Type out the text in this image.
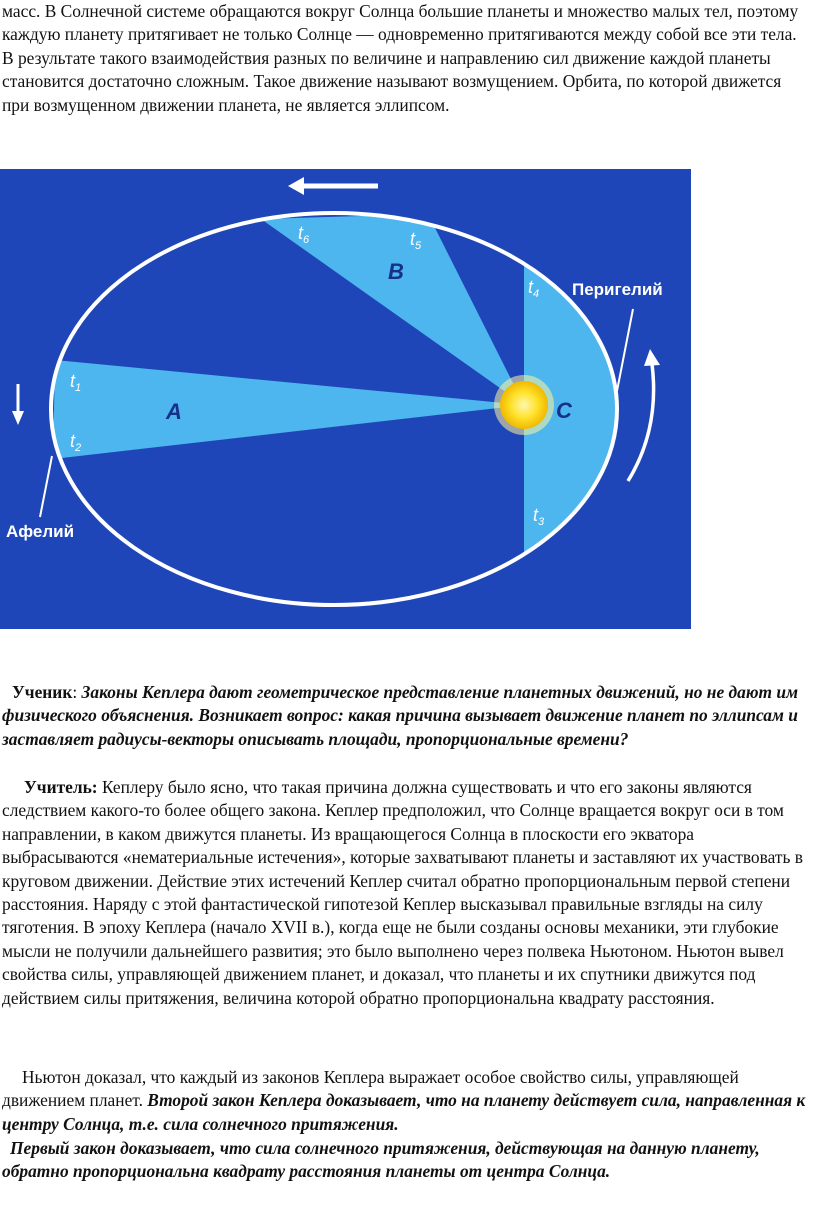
масс. В Солнечной системе обращаются вокруг Солнца большие планеты и множество малых тел, поэтому каждую планету притягивает не только Солнце — одновременно притягиваются между собой все эти тела. В результате такого взаимодействия разных по величине и направлению сил движение каждой планеты становится достаточно сложным. Такое движение называют возмущением. Орбита, по которой движется при возмущенном движении планета, не является эллипсом.

$t_1$
$t_2$
$t_3$
$t_4$
$t_5$
$t_6$
A
B
C
Перигелий
Афелий

Ученик: Законы Кеплера дают геометрическое представление планетных движений, но не дают им физического объяснения. Возникает вопрос: какая причина вызывает движение планет по эллипсам и заставляет радиусы-векторы описывать площади, пропорциональные времени?

Учитель: Кеплеру было ясно, что такая причина должна существовать и что его законы являются следствием какого-то более общего закона. Кеплер предположил, что Солнце вращается вокруг оси в том направлении, в каком движутся планеты. Из вращающегося Солнца в плоскости его экватора выбрасываются «нематериальные истечения», которые захватывают планеты и заставляют их участвовать в круговом движении. Действие этих истечений Кеплер считал обратно пропорциональным первой степени расстояния. Наряду с этой фантастической гипотезой Кеплер высказывал правильные взгляды на силу тяготения. В эпоху Кеплера (начало XVII в.), когда еще не были созданы основы механики, эти глубокие мысли не получили дальнейшего развития; это было выполнено через полвека Ньютоном. Ньютон вывел свойства силы, управляющей движением планет, и доказал, что планеты и их спутники движутся под действием силы притяжения, величина которой обратно пропорциональна квадрату расстояния.

Ньютон доказал, что каждый из законов Кеплера выражает особое свойство силы, управляющей движением планет. Второй закон Кеплера доказывает, что на планету действует сила, направленная к центру Солнца, т.е. сила солнечного притяжения.

Первый закон доказывает, что сила солнечного притяжения, действующая на данную планету, обратно пропорциональна квадрату расстояния планеты от центра Солнца.
